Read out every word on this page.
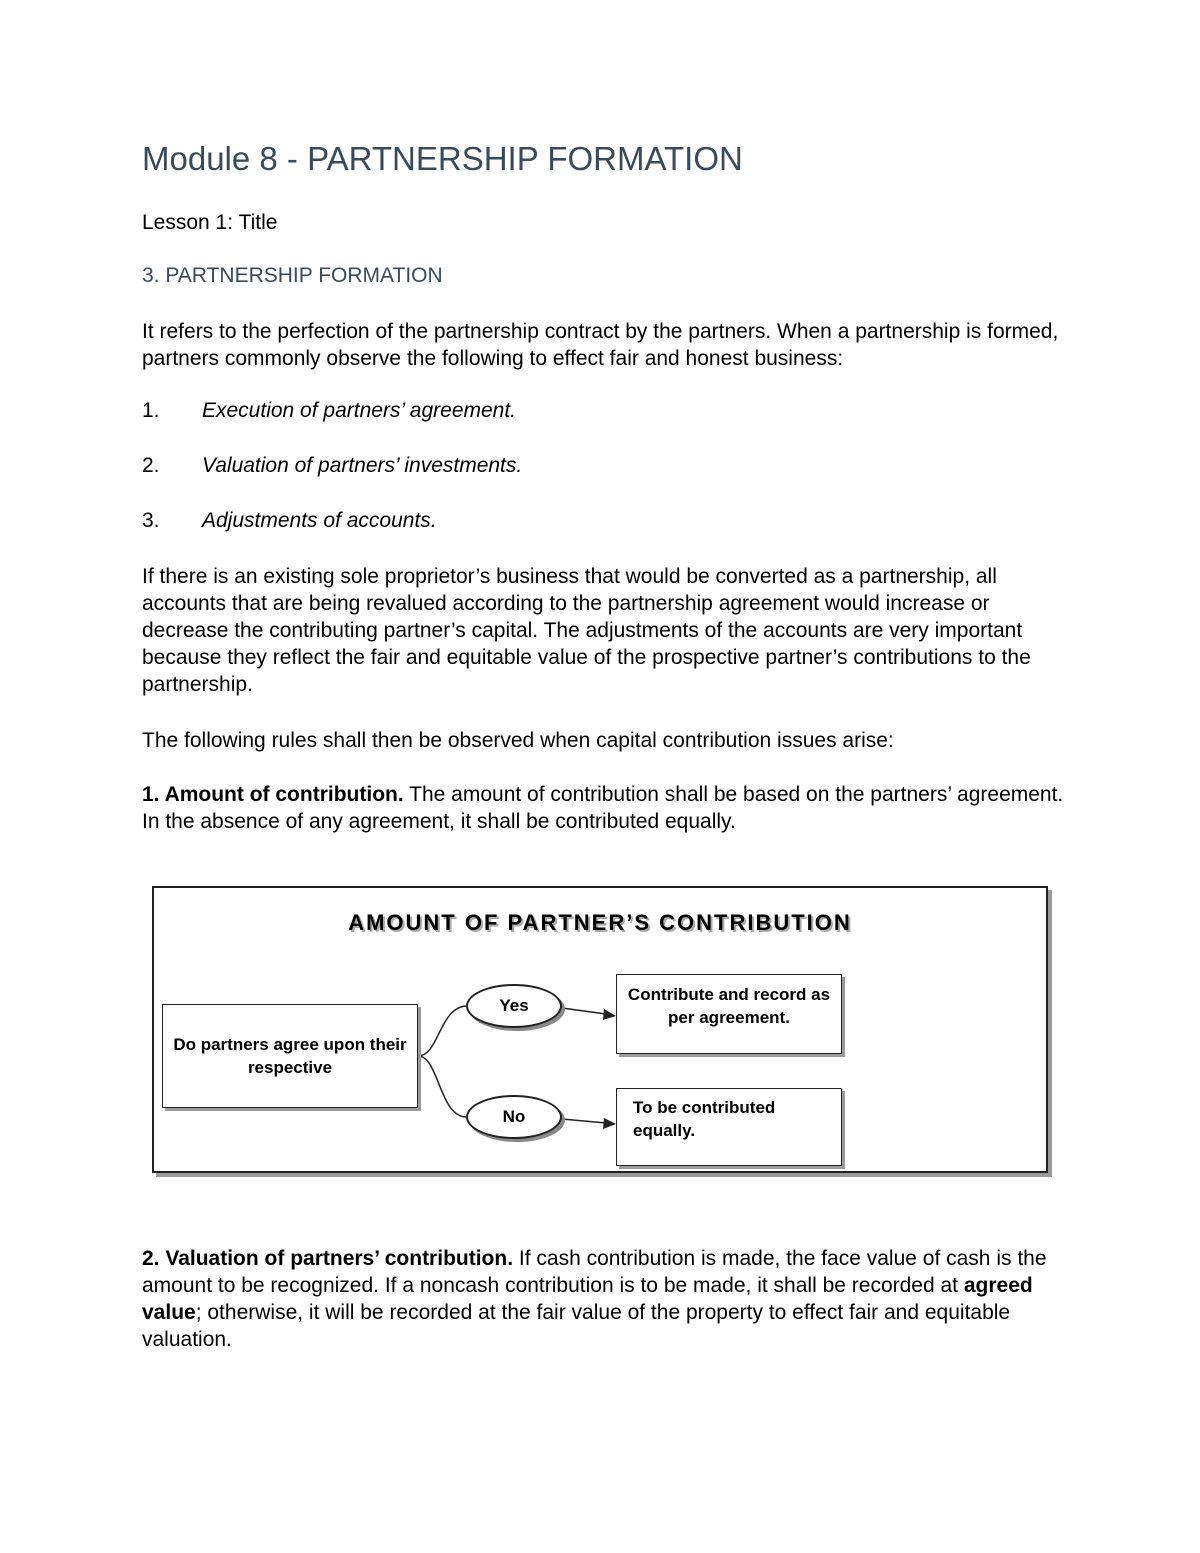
Module 8 - PARTNERSHIP FORMATION
Lesson 1: Title
3. PARTNERSHIP FORMATION
It refers to the perfection of the partnership contract by the partners. When a partnership is formed, partners commonly observe the following to effect fair and honest business:
1. Execution of partners’ agreement.
2. Valuation of partners’ investments.
3. Adjustments of accounts.
If there is an existing sole proprietor’s business that would be converted as a partnership, all accounts that are being revalued according to the partnership agreement would increase or decrease the contributing partner’s capital. The adjustments of the accounts are very important because they reflect the fair and equitable value of the prospective partner’s contributions to the partnership.
The following rules shall then be observed when capital contribution issues arise:
1. Amount of contribution. The amount of contribution shall be based on the partners’ agreement. In the absence of any agreement, it shall be contributed equally.
AMOUNT OF PARTNER’S CONTRIBUTION
Do partners agree upon their respective
Yes
No
Contribute and record as per agreement.
To be contributed equally.
2. Valuation of partners’ contribution. If cash contribution is made, the face value of cash is the amount to be recognized. If a noncash contribution is to be made, it shall be recorded at agreed value; otherwise, it will be recorded at the fair value of the property to effect fair and equitable valuation.
